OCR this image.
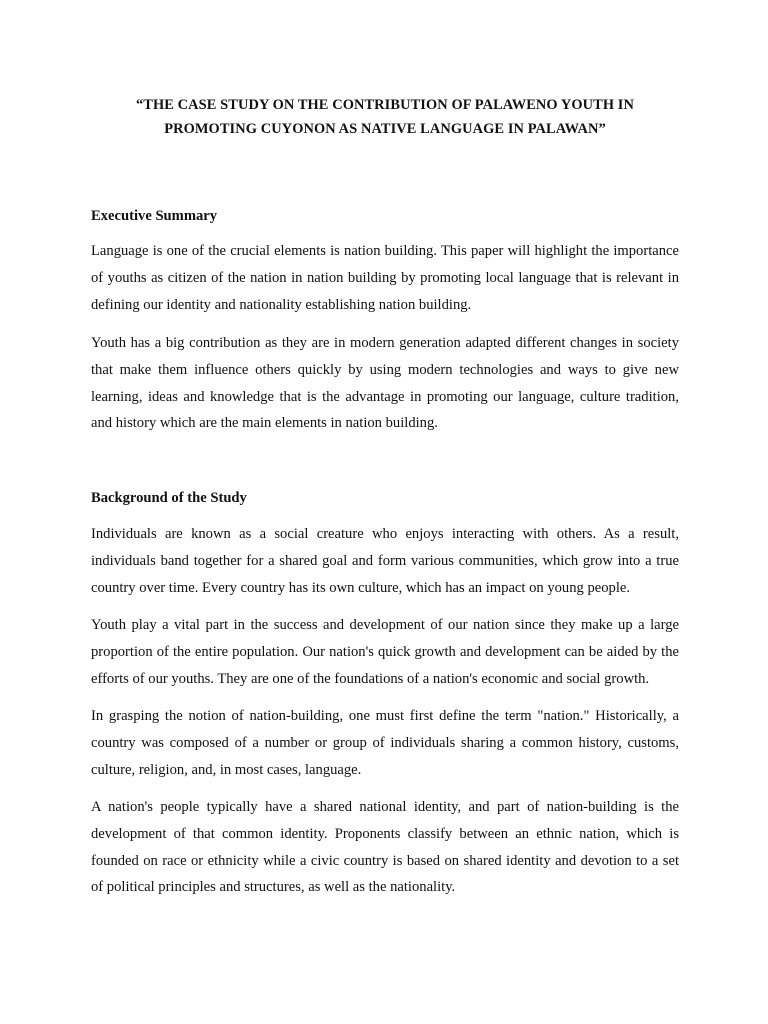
“THE CASE STUDY ON THE CONTRIBUTION OF PALAWENO YOUTH IN
PROMOTING CUYONON AS NATIVE LANGUAGE IN PALAWAN”
Executive Summary

Language is one of the crucial elements is nation building. This paper will highlight the importance of youths as citizen of the nation in nation building by promoting local language that is relevant in defining our identity and nationality establishing nation building.

Youth has a big contribution as they are in modern generation adapted different changes in society that make them influence others quickly by using modern technologies and ways to give new learning, ideas and knowledge that is the advantage in promoting our language, culture tradition, and history which are the main elements in nation building.

Background of the Study

Individuals are known as a social creature who enjoys interacting with others. As a result, individuals band together for a shared goal and form various communities, which grow into a true country over time. Every country has its own culture, which has an impact on young people.

Youth play a vital part in the success and development of our nation since they make up a large proportion of the entire population. Our nation's quick growth and development can be aided by the efforts of our youths. They are one of the foundations of a nation's economic and social growth.

In grasping the notion of nation-building, one must first define the term "nation." Historically, a country was composed of a number or group of individuals sharing a common history, customs, culture, religion, and, in most cases, language.

A nation's people typically have a shared national identity, and part of nation-building is the development of that common identity. Proponents classify between an ethnic nation, which is founded on race or ethnicity while a civic country is based on shared identity and devotion to a set of political principles and structures, as well as the nationality.
